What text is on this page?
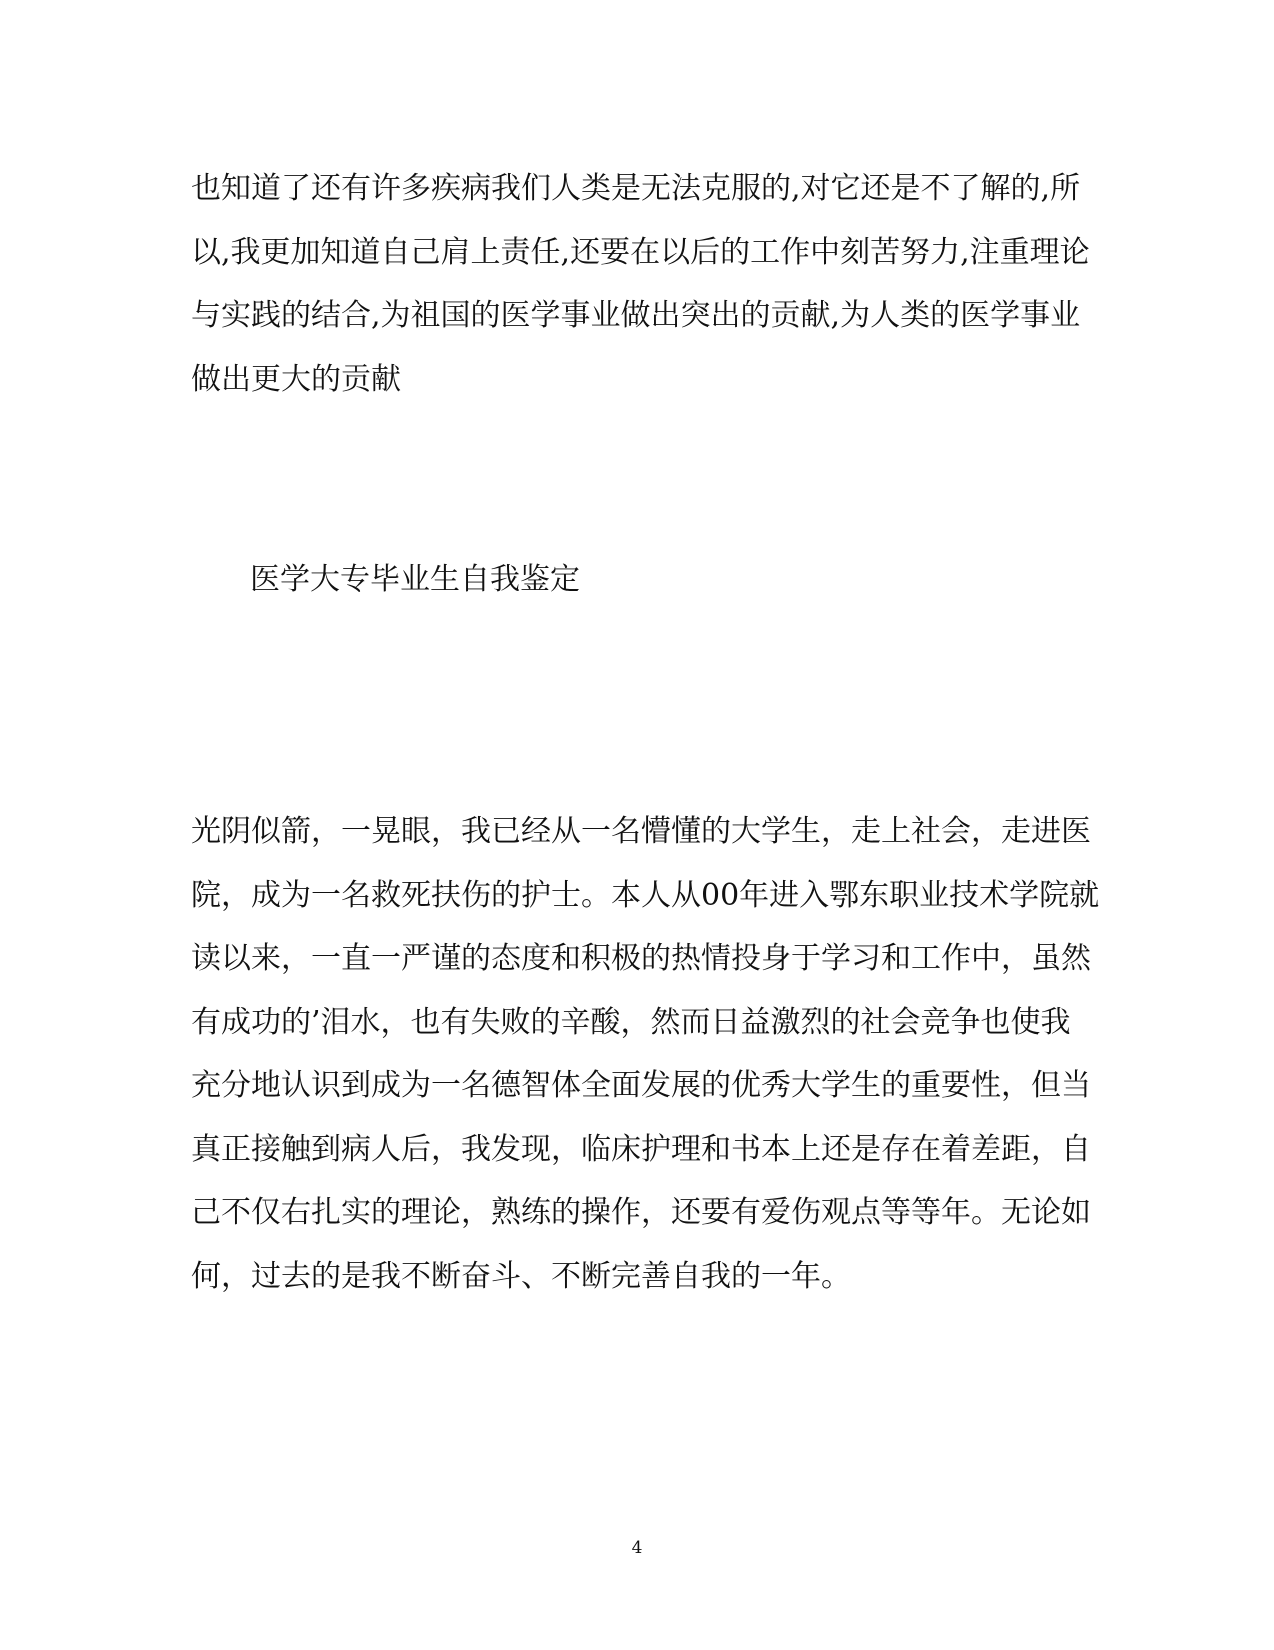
也知道了还有许多疾病我们人类是无法克服的,对它还是不了解的,所
以,我更加知道自己肩上责任,还要在以后的工作中刻苦努力,注重理论
与实践的结合,为祖国的医学事业做出突出的贡献,为人类的医学事业
做出更大的贡献
医学大专毕业生自我鉴定
光阴似箭，一晃眼，我已经从一名懵懂的大学生，走上社会，走进医
院，成为一名救死扶伤的护士。本人从00年进入鄂东职业技术学院就
读以来，一直一严谨的态度和积极的热情投身于学习和工作中，虽然
有成功的’泪水，也有失败的辛酸，然而日益激烈的社会竞争也使我
充分地认识到成为一名德智体全面发展的优秀大学生的重要性，但当
真正接触到病人后，我发现，临床护理和书本上还是存在着差距，自
己不仅右扎实的理论，熟练的操作，还要有爱伤观点等等年。无论如
何，过去的是我不断奋斗、不断完善自我的一年。
4
